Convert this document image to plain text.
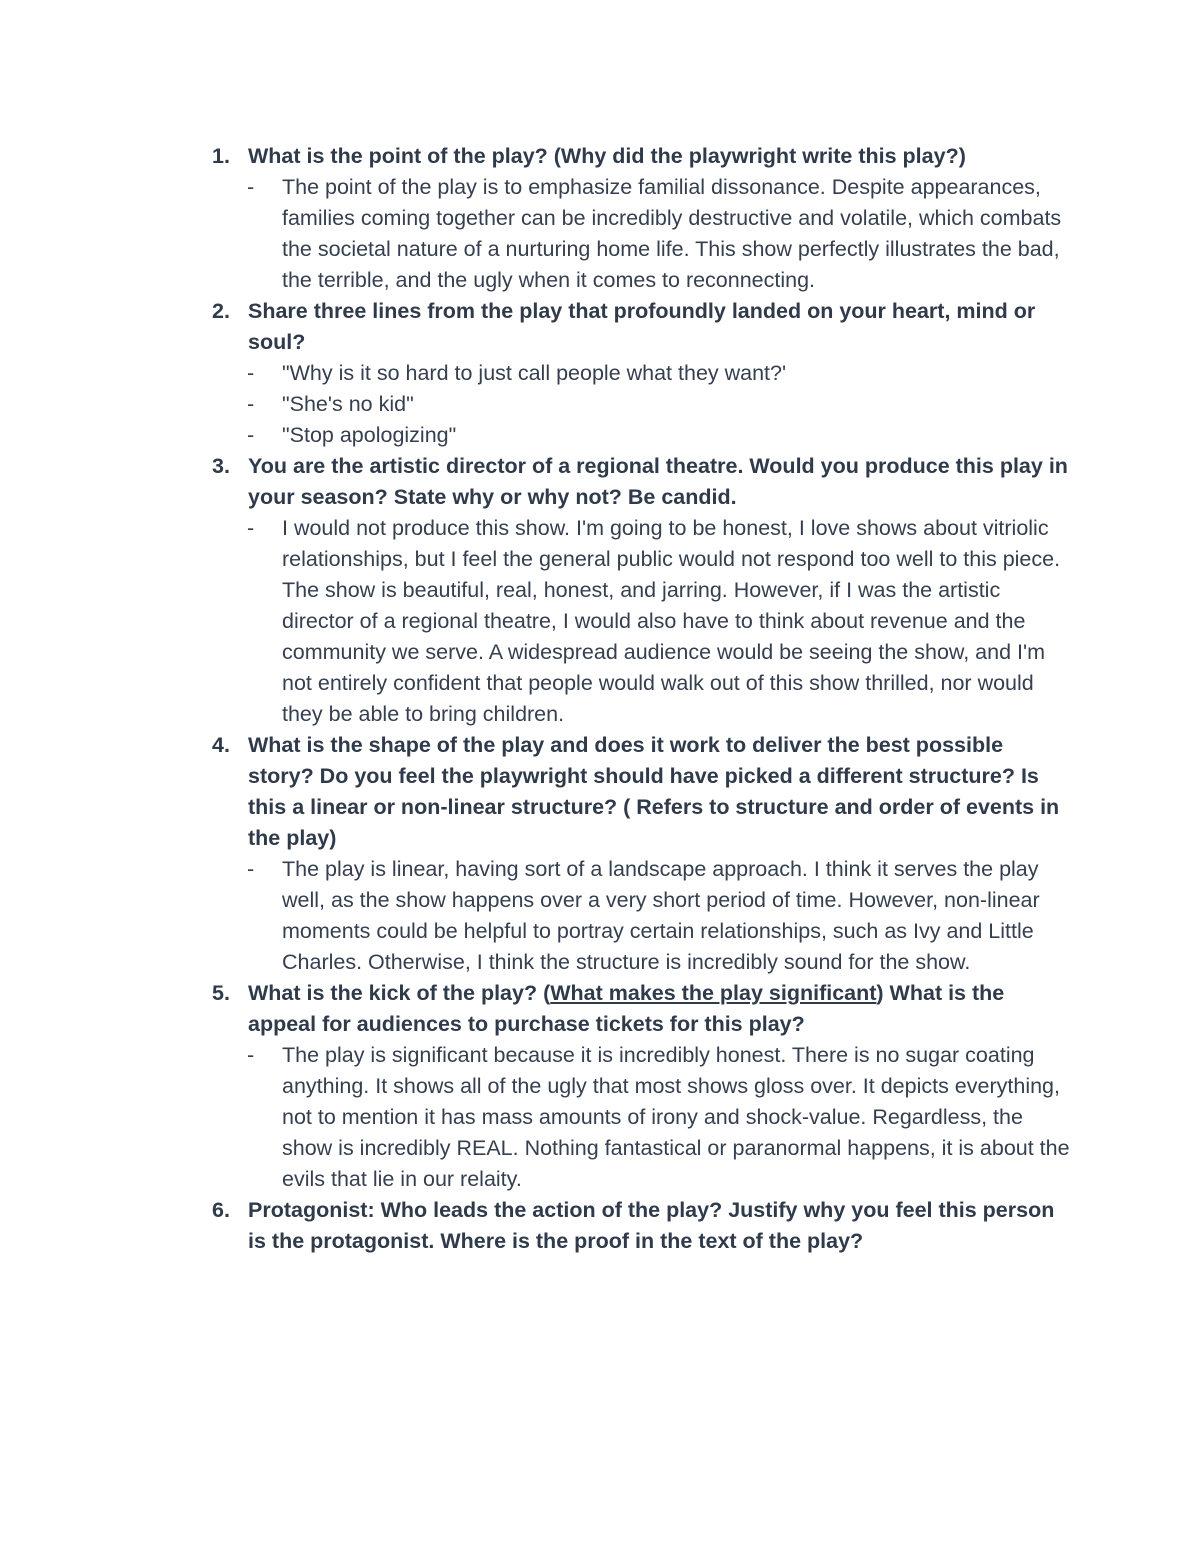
1. What is the point of the play? (Why did the playwright write this play?)
- The point of the play is to emphasize familial dissonance. Despite appearances, families coming together can be incredibly destructive and volatile, which combats the societal nature of a nurturing home life. This show perfectly illustrates the bad, the terrible, and the ugly when it comes to reconnecting.
2. Share three lines from the play that profoundly landed on your heart, mind or soul?
- "Why is it so hard to just call people what they want?'
- "She's no kid"
- "Stop apologizing"
3. You are the artistic director of a regional theatre. Would you produce this play in your season? State why or why not? Be candid.
- I would not produce this show. I'm going to be honest, I love shows about vitriolic relationships, but I feel the general public would not respond too well to this piece. The show is beautiful, real, honest, and jarring. However, if I was the artistic director of a regional theatre, I would also have to think about revenue and the community we serve. A widespread audience would be seeing the show, and I'm not entirely confident that people would walk out of this show thrilled, nor would they be able to bring children.
4. What is the shape of the play and does it work to deliver the best possible story? Do you feel the playwright should have picked a different structure? Is this a linear or non-linear structure? ( Refers to structure and order of events in the play)
- The play is linear, having sort of a landscape approach. I think it serves the play well, as the show happens over a very short period of time. However, non-linear moments could be helpful to portray certain relationships, such as Ivy and Little Charles. Otherwise, I think the structure is incredibly sound for the show.
5. What is the kick of the play? (What makes the play significant) What is the appeal for audiences to purchase tickets for this play?
- The play is significant because it is incredibly honest. There is no sugar coating anything. It shows all of the ugly that most shows gloss over. It depicts everything, not to mention it has mass amounts of irony and shock-value. Regardless, the show is incredibly REAL. Nothing fantastical or paranormal happens, it is about the evils that lie in our relaity.
6. Protagonist: Who leads the action of the play? Justify why you feel this person is the protagonist. Where is the proof in the text of the play?
